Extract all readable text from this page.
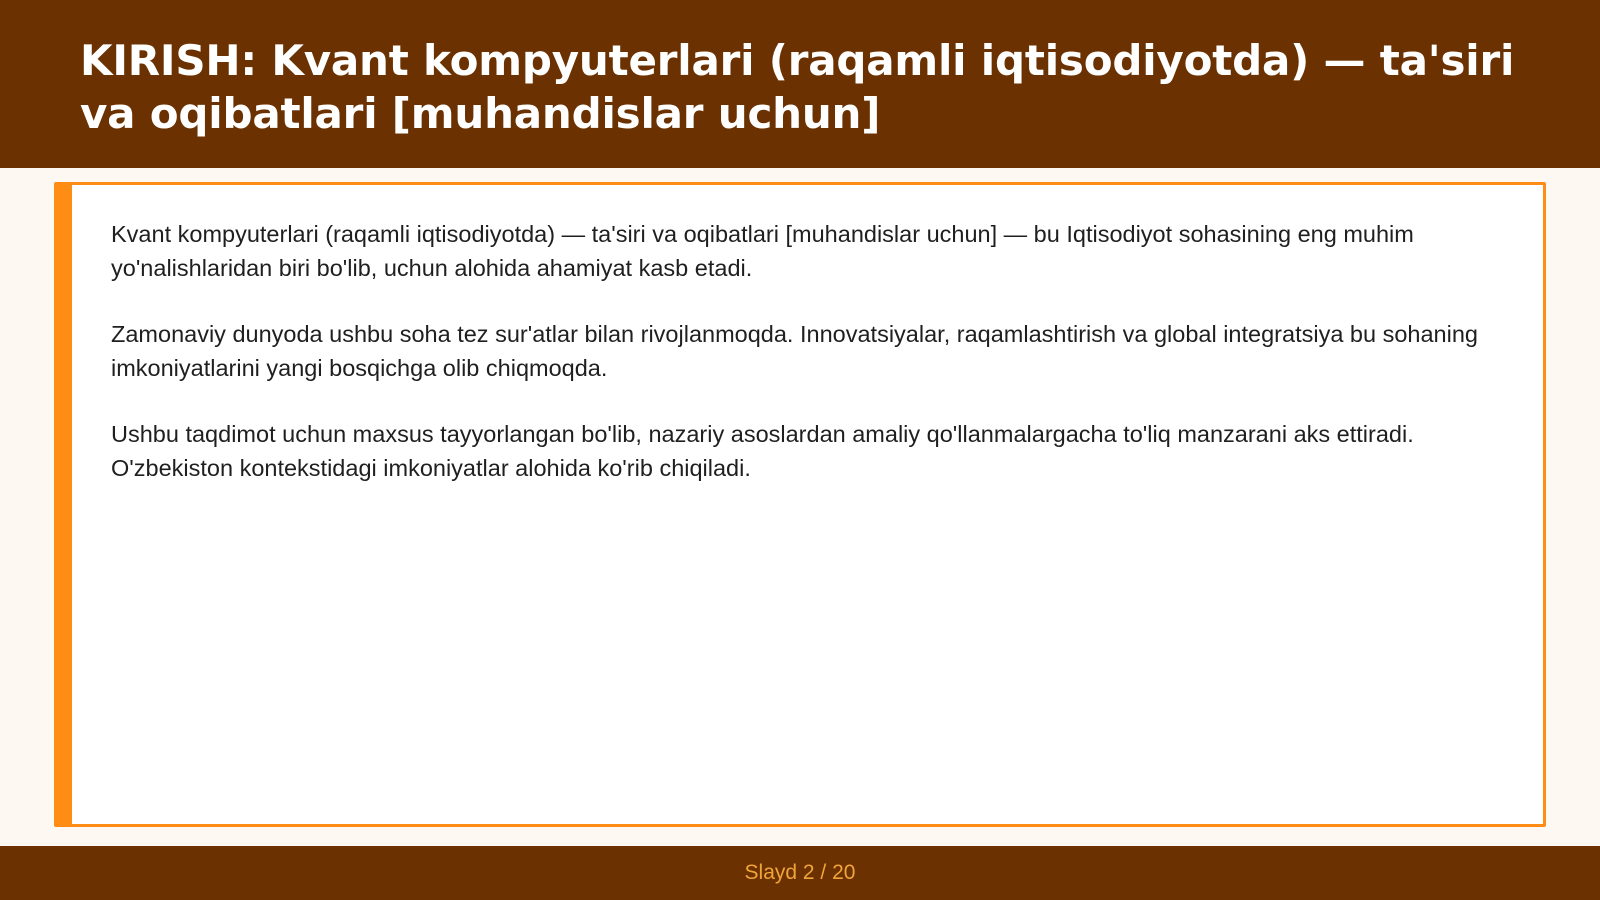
KIRISH: Kvant kompyuterlari (raqamli iqtisodiyotda) — ta'siri va oqibatlari [muhandislar uchun]

Kvant kompyuterlari (raqamli iqtisodiyotda) — ta'siri va oqibatlari [muhandislar uchun] — bu Iqtisodiyot sohasining eng muhim yo'nalishlaridan biri bo'lib, uchun alohida ahamiyat kasb etadi.

Zamonaviy dunyoda ushbu soha tez sur'atlar bilan rivojlanmoqda. Innovatsiyalar, raqamlashtirish va global integratsiya bu sohaning imkoniyatlarini yangi bosqichga olib chiqmoqda.

Ushbu taqdimot uchun maxsus tayyorlangan bo'lib, nazariy asoslardan amaliy qo'llanmalargacha to'liq manzarani aks ettiradi. O'zbekiston kontekstidagi imkoniyatlar alohida ko'rib chiqiladi.

Slayd 2 / 20
